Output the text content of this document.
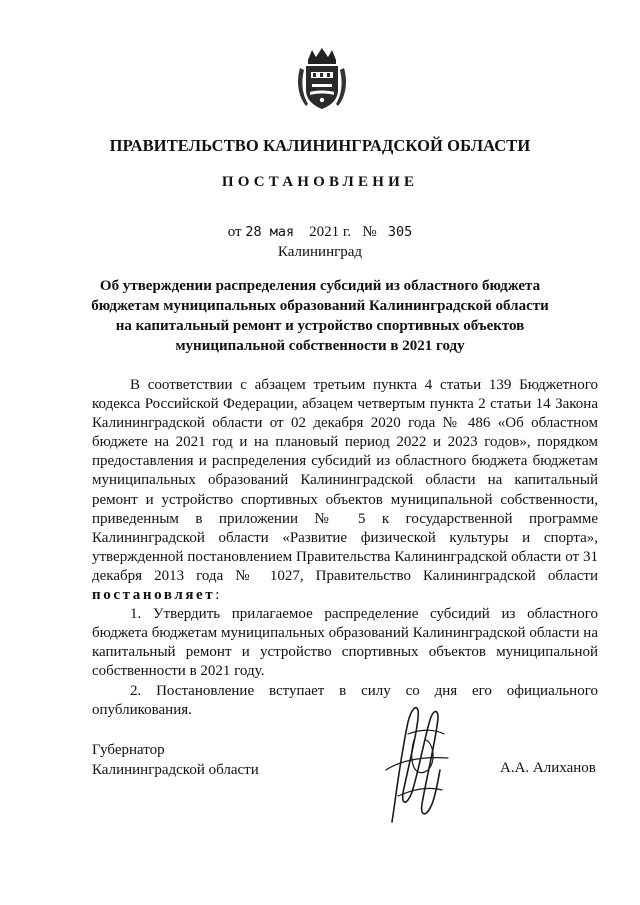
ПРАВИТЕЛЬСТВО КАЛИНИНГРАДСКОЙ ОБЛАСТИ
ПОСТАНОВЛЕНИЕ
от 28 мая 2021 г. № 305
Калининград
Об утверждении распределения субсидий из областного бюджета
бюджетам муниципальных образований Калининградской области
на капитальный ремонт и устройство спортивных объектов
муниципальной собственности в 2021 году

В соответствии с абзацем третьим пункта 4 статьи 139 Бюджетного кодекса Российской Федерации, абзацем четвертым пункта 2 статьи 14 Закона Калининградской области от 02 декабря 2020 года № 486 «Об областном бюджете на 2021 год и на плановый период 2022 и 2023 годов», порядком предоставления и распределения субсидий из областного бюджета бюджетам муниципальных образований Калининградской области на капитальный ремонт и устройство спортивных объектов муниципальной собственности, приведенным в приложении № 5 к государственной программе Калининградской области «Развитие физической культуры и спорта», утвержденной постановлением Правительства Калининградской области от 31 декабря 2013 года № 1027, Правительство Калининградской области постановляет:

1. Утвердить прилагаемое распределение субсидий из областного бюджета бюджетам муниципальных образований Калининградской области на капитальный ремонт и устройство спортивных объектов муниципальной собственности в 2021 году.

2. Постановление вступает в силу со дня его официального опубликования.

Губернатор
Калининградской области	А.А. Алиханов
